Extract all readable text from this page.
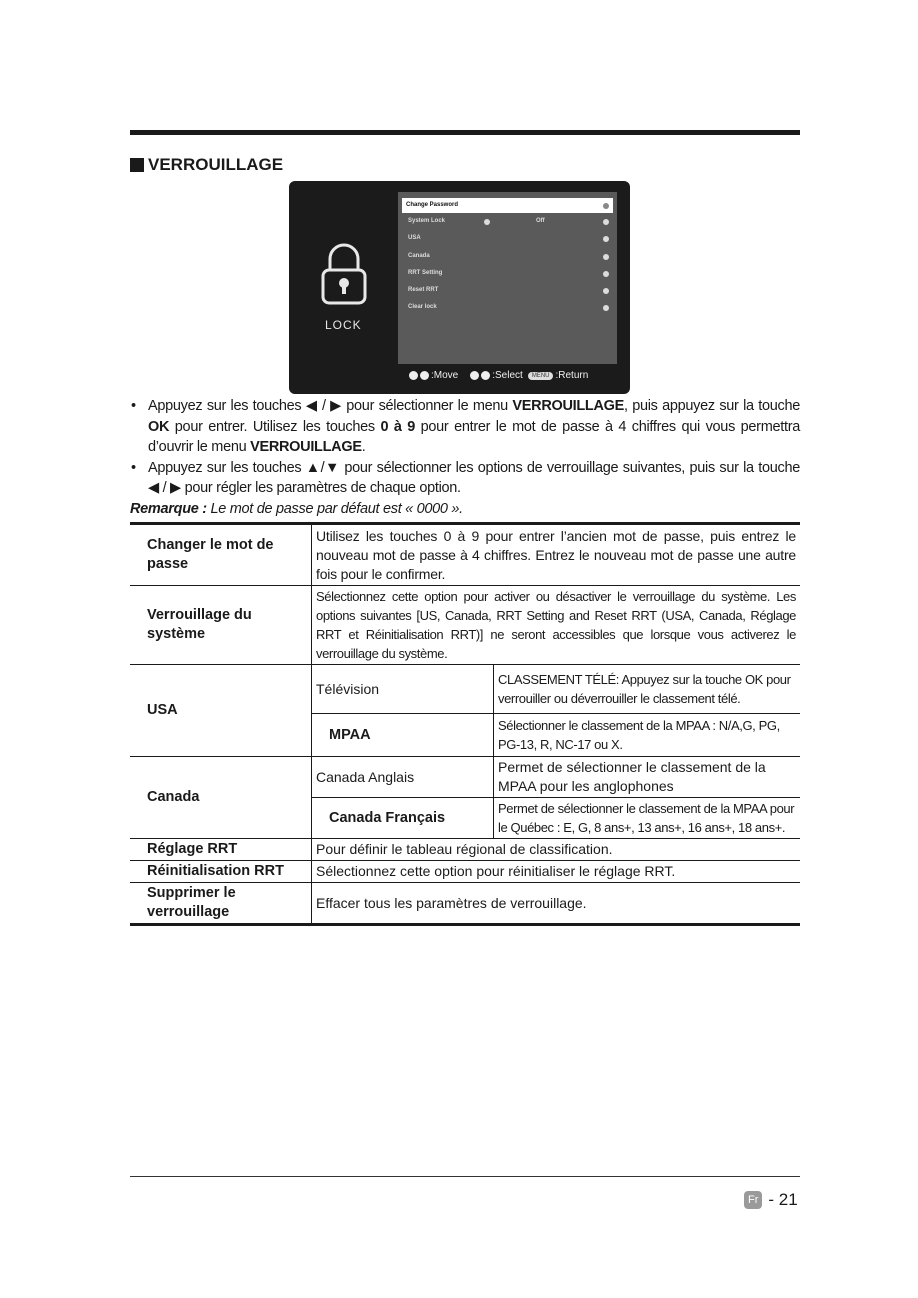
VERROUILLAGE
LOCK
Change Password
System Lock	Off
USA
Canada
RRT Setting
Reset RRT
Clear lock
:Move	:Select	MENU :Return
• Appuyez sur les touches ◀ / ▶ pour sélectionner le menu VERROUILLAGE, puis appuyez sur la touche OK pour entrer. Utilisez les touches 0 à 9 pour entrer le mot de passe à 4 chiffres qui vous permettra d’ouvrir le menu VERROUILLAGE.
• Appuyez sur les touches ▲/▼ pour sélectionner les options de verrouillage suivantes, puis sur la touche ◀ / ▶ pour régler les paramètres de chaque option.
Remarque : Le mot de passe par défaut est « 0000 ».
Changer le mot de passe	Utilisez les touches 0 à 9 pour entrer l’ancien mot de passe, puis entrez le nouveau mot de passe à 4 chiffres. Entrez le nouveau mot de passe une autre fois pour le confirmer.	
Verrouillage du système	Sélectionnez cette option pour activer ou désactiver le verrouillage du système. Les options suivantes [US, Canada, RRT Setting and Reset RRT (USA, Canada, Réglage RRT et Réinitialisation RRT)] ne seront accessibles que lorsque vous activerez le verrouillage du système.	
USA	Télévision	CLASSEMENT TÉLÉ: Appuyez sur la touche OK pour verrouiller ou déverrouiller le classement télé.
	MPAA	Sélectionner le classement de la MPAA : N/A,G, PG, PG-13, R, NC-17 ou X.
Canada	Canada Anglais	Permet de sélectionner le classement de la MPAA pour les anglophones
	Canada Français	Permet de sélectionner le classement de la MPAA pour le Québec : E, G, 8 ans+, 13 ans+, 16 ans+, 18 ans+.
Réglage RRT	Pour définir le tableau régional de classification.	
Réinitialisation RRT	Sélectionnez cette option pour réinitialiser le réglage RRT.	
Supprimer le verrouillage	Effacer tous les paramètres de verrouillage.	
Fr - 21
